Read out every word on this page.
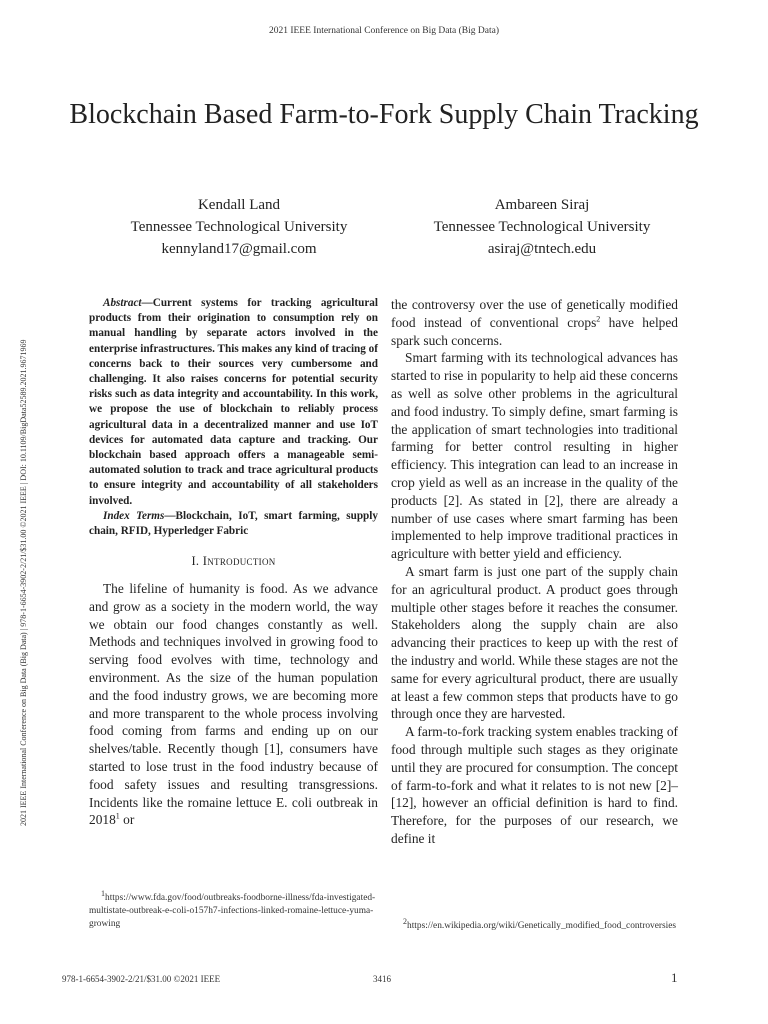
2021 IEEE International Conference on Big Data (Big Data)
2021 IEEE International Conference on Big Data (Big Data) | 978-1-6654-3902-2/21/$31.00 ©2021 IEEE | DOI: 10.1109/BigData52589.2021.9671969
Blockchain Based Farm-to-Fork Supply Chain Tracking
Kendall Land
Tennessee Technological University
kennyland17@gmail.com
Ambareen Siraj
Tennessee Technological University
asiraj@tntech.edu

Abstract—Current systems for tracking agricultural products from their origination to consumption rely on manual handling by separate actors involved in the enterprise infrastructures. This makes any kind of tracing of concerns back to their sources very cumbersome and challenging. It also raises concerns for potential security risks such as data integrity and accountability. In this work, we propose the use of blockchain to reliably process agricultural data in a decentralized manner and use IoT devices for automated data capture and tracking. Our blockchain based approach offers a manageable semi-automated solution to track and trace agricultural products to ensure integrity and accountability of all stakeholders involved.

Index Terms—Blockchain, IoT, smart farming, supply chain, RFID, Hyperledger Fabric

I. Introduction

The lifeline of humanity is food. As we advance and grow as a society in the modern world, the way we obtain our food changes constantly as well. Methods and techniques involved in growing food to serving food evolves with time, technology and environment. As the size of the human population and the food industry grows, we are becoming more and more transparent to the whole process involving food coming from farms and ending up on our shelves/table. Recently though [1], consumers have started to lose trust in the food industry because of food safety issues and resulting transgressions. Incidents like the romaine lettuce E. coli outbreak in 2018$^1$ or

the controversy over the use of genetically modified food instead of conventional crops$^2$ have helped spark such concerns.

Smart farming with its technological advances has started to rise in popularity to help aid these concerns as well as solve other problems in the agricultural and food industry. To simply define, smart farming is the application of smart technologies into traditional farming for better control resulting in higher efficiency. This integration can lead to an increase in crop yield as well as an increase in the quality of the products [2]. As stated in [2], there are already a number of use cases where smart farming has been implemented to help improve traditional practices in agriculture with better yield and efficiency.

A smart farm is just one part of the supply chain for an agricultural product. A product goes through multiple other stages before it reaches the consumer. Stakeholders along the supply chain are also advancing their practices to keep up with the rest of the industry and world. While these stages are not the same for every agricultural product, there are usually at least a few common steps that products have to go through once they are harvested.

A farm-to-fork tracking system enables tracking of food through multiple such stages as they originate until they are procured for consumption. The concept of farm-to-fork and what it relates to is not new [2]–[12], however an official definition is hard to find. Therefore, for the purposes of our research, we define it

$^1$https://www.fda.gov/food/outbreaks-foodborne-illness/fda-investigated-multistate-outbreak-e-coli-o157h7-infections-linked-romaine-lettuce-yuma-growing	$^2$https://en.wikipedia.org/wiki/Genetically_modified_food_controversies
978-1-6654-3902-2/21/$31.00 ©2021 IEEE	3416	1
